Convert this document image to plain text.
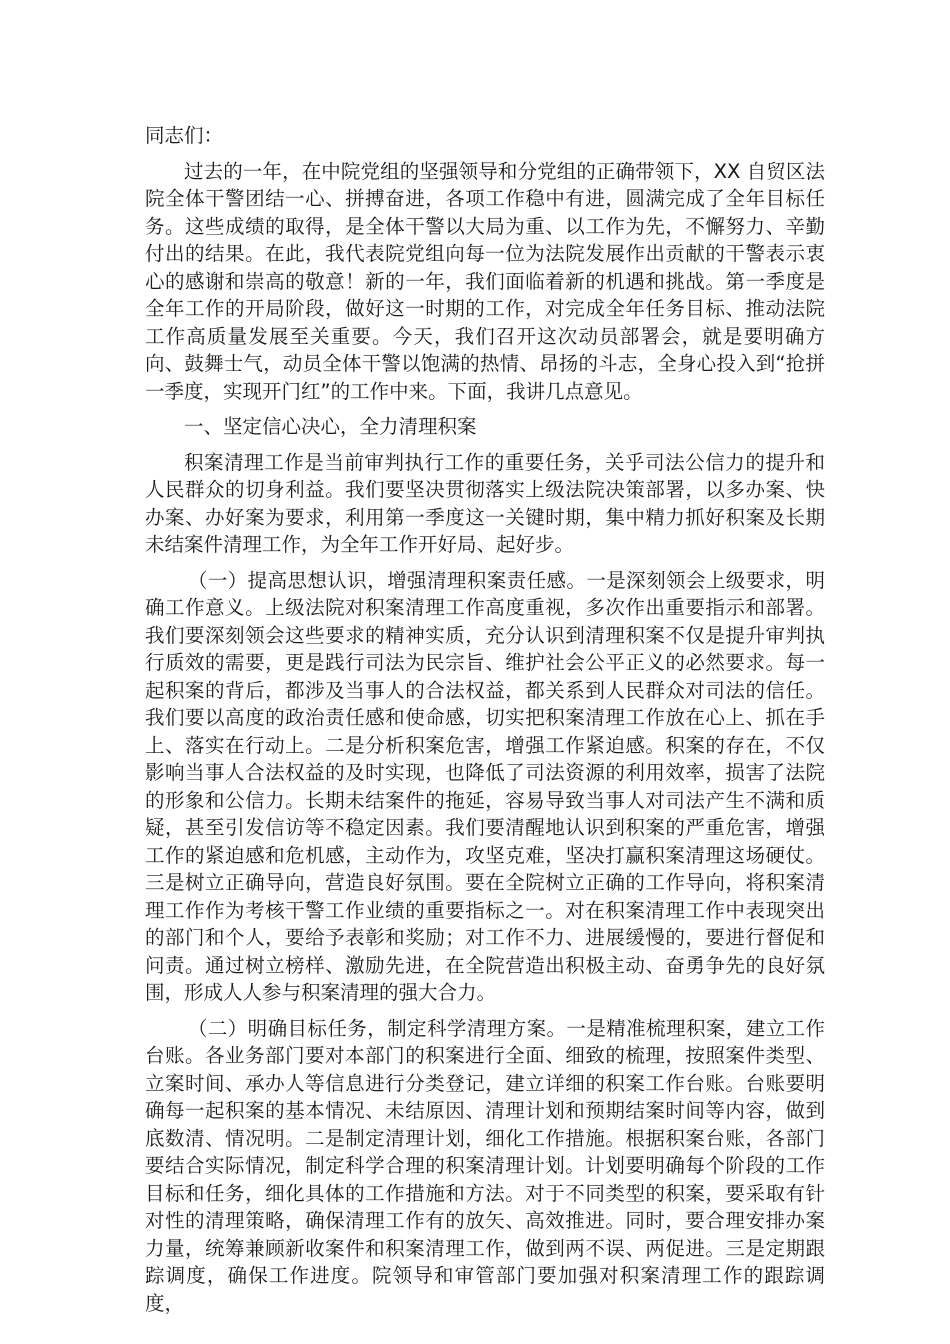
同志们：

过去的一年，在中院党组的坚强领导和分党组的正确带领下，XX 自贸区法院全体干警团结一心、拼搏奋进，各项工作稳中有进，圆满完成了全年目标任务。这些成绩的取得，是全体干警以大局为重、以工作为先，不懈努力、辛勤付出的结果。在此，我代表院党组向每一位为法院发展作出贡献的干警表示衷心的感谢和崇高的敬意！新的一年，我们面临着新的机遇和挑战。第一季度是全年工作的开局阶段，做好这一时期的工作，对完成全年任务目标、推动法院工作高质量发展至关重要。今天，我们召开这次动员部署会，就是要明确方向、鼓舞士气，动员全体干警以饱满的热情、昂扬的斗志，全身心投入到“抢拼一季度，实现开门红”的工作中来。下面，我讲几点意见。

一、坚定信心决心，全力清理积案

积案清理工作是当前审判执行工作的重要任务，关乎司法公信力的提升和人民群众的切身利益。我们要坚决贯彻落实上级法院决策部署，以多办案、快办案、办好案为要求，利用第一季度这一关键时期，集中精力抓好积案及长期未结案件清理工作，为全年工作开好局、起好步。

（一）提高思想认识，增强清理积案责任感。一是深刻领会上级要求，明确工作意义。上级法院对积案清理工作高度重视，多次作出重要指示和部署。我们要深刻领会这些要求的精神实质，充分认识到清理积案不仅是提升审判执行质效的需要，更是践行司法为民宗旨、维护社会公平正义的必然要求。每一起积案的背后，都涉及当事人的合法权益，都关系到人民群众对司法的信任。我们要以高度的政治责任感和使命感，切实把积案清理工作放在心上、抓在手上、落实在行动上。二是分析积案危害，增强工作紧迫感。积案的存在，不仅影响当事人合法权益的及时实现，也降低了司法资源的利用效率，损害了法院的形象和公信力。长期未结案件的拖延，容易导致当事人对司法产生不满和质疑，甚至引发信访等不稳定因素。我们要清醒地认识到积案的严重危害，增强工作的紧迫感和危机感，主动作为，攻坚克难，坚决打赢积案清理这场硬仗。三是树立正确导向，营造良好氛围。要在全院树立正确的工作导向，将积案清理工作作为考核干警工作业绩的重要指标之一。对在积案清理工作中表现突出的部门和个人，要给予表彰和奖励；对工作不力、进展缓慢的，要进行督促和问责。通过树立榜样、激励先进，在全院营造出积极主动、奋勇争先的良好氛围，形成人人参与积案清理的强大合力。

（二）明确目标任务，制定科学清理方案。一是精准梳理积案，建立工作台账。各业务部门要对本部门的积案进行全面、细致的梳理，按照案件类型、立案时间、承办人等信息进行分类登记，建立详细的积案工作台账。台账要明确每一起积案的基本情况、未结原因、清理计划和预期结案时间等内容，做到底数清、情况明。二是制定清理计划，细化工作措施。根据积案台账，各部门要结合实际情况，制定科学合理的积案清理计划。计划要明确每个阶段的工作目标和任务，细化具体的工作措施和方法。对于不同类型的积案，要采取有针对性的清理策略，确保清理工作有的放矢、高效推进。同时，要合理安排办案力量，统筹兼顾新收案件和积案清理工作，做到两不误、两促进。三是定期跟踪调度，确保工作进度。院领导和审管部门要加强对积案清理工作的跟踪调度，
